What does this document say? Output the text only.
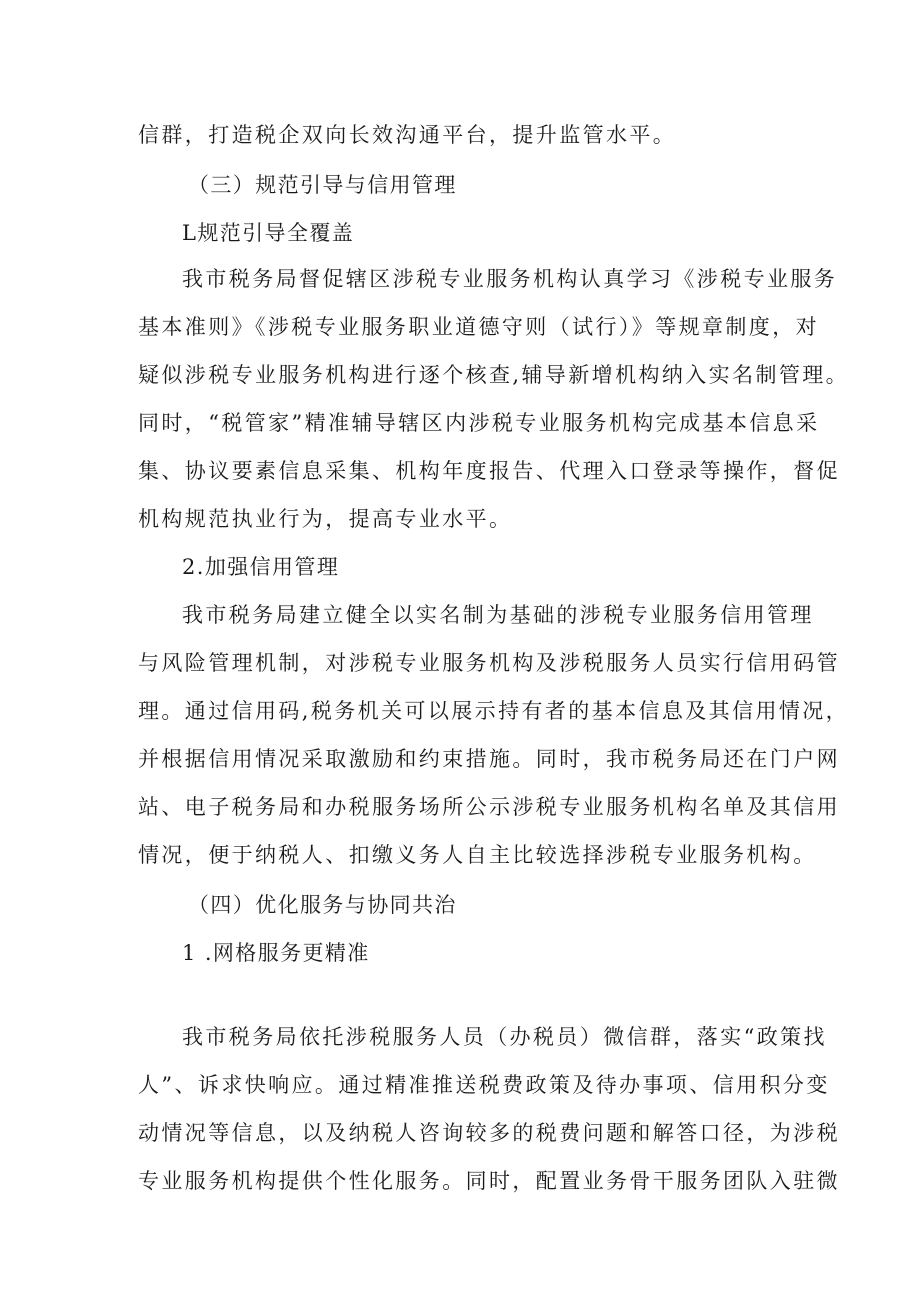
信群，打造税企双向长效沟通平台，提升监管水平。
（三）规范引导与信用管理
L规范引导全覆盖
我市税务局督促辖区涉税专业服务机构认真学习《涉税专业服务
基本准则》《涉税专业服务职业道德守则（试行）》等规章制度，对
疑似涉税专业服务机构进行逐个核查,辅导新增机构纳入实名制管理。
同时，“税管家”精准辅导辖区内涉税专业服务机构完成基本信息采
集、协议要素信息采集、机构年度报告、代理入口登录等操作，督促
机构规范执业行为，提高专业水平。
2.加强信用管理
我市税务局建立健全以实名制为基础的涉税专业服务信用管理
与风险管理机制，对涉税专业服务机构及涉税服务人员实行信用码管
理。通过信用码,税务机关可以展示持有者的基本信息及其信用情况，
并根据信用情况采取激励和约束措施。同时，我市税务局还在门户网
站、电子税务局和办税服务场所公示涉税专业服务机构名单及其信用
情况，便于纳税人、扣缴义务人自主比较选择涉税专业服务机构。
（四）优化服务与协同共治
1 .网格服务更精准
我市税务局依托涉税服务人员（办税员）微信群，落实“政策找
人”、诉求快响应。通过精准推送税费政策及待办事项、信用积分变
动情况等信息，以及纳税人咨询较多的税费问题和解答口径，为涉税
专业服务机构提供个性化服务。同时，配置业务骨干服务团队入驻微
